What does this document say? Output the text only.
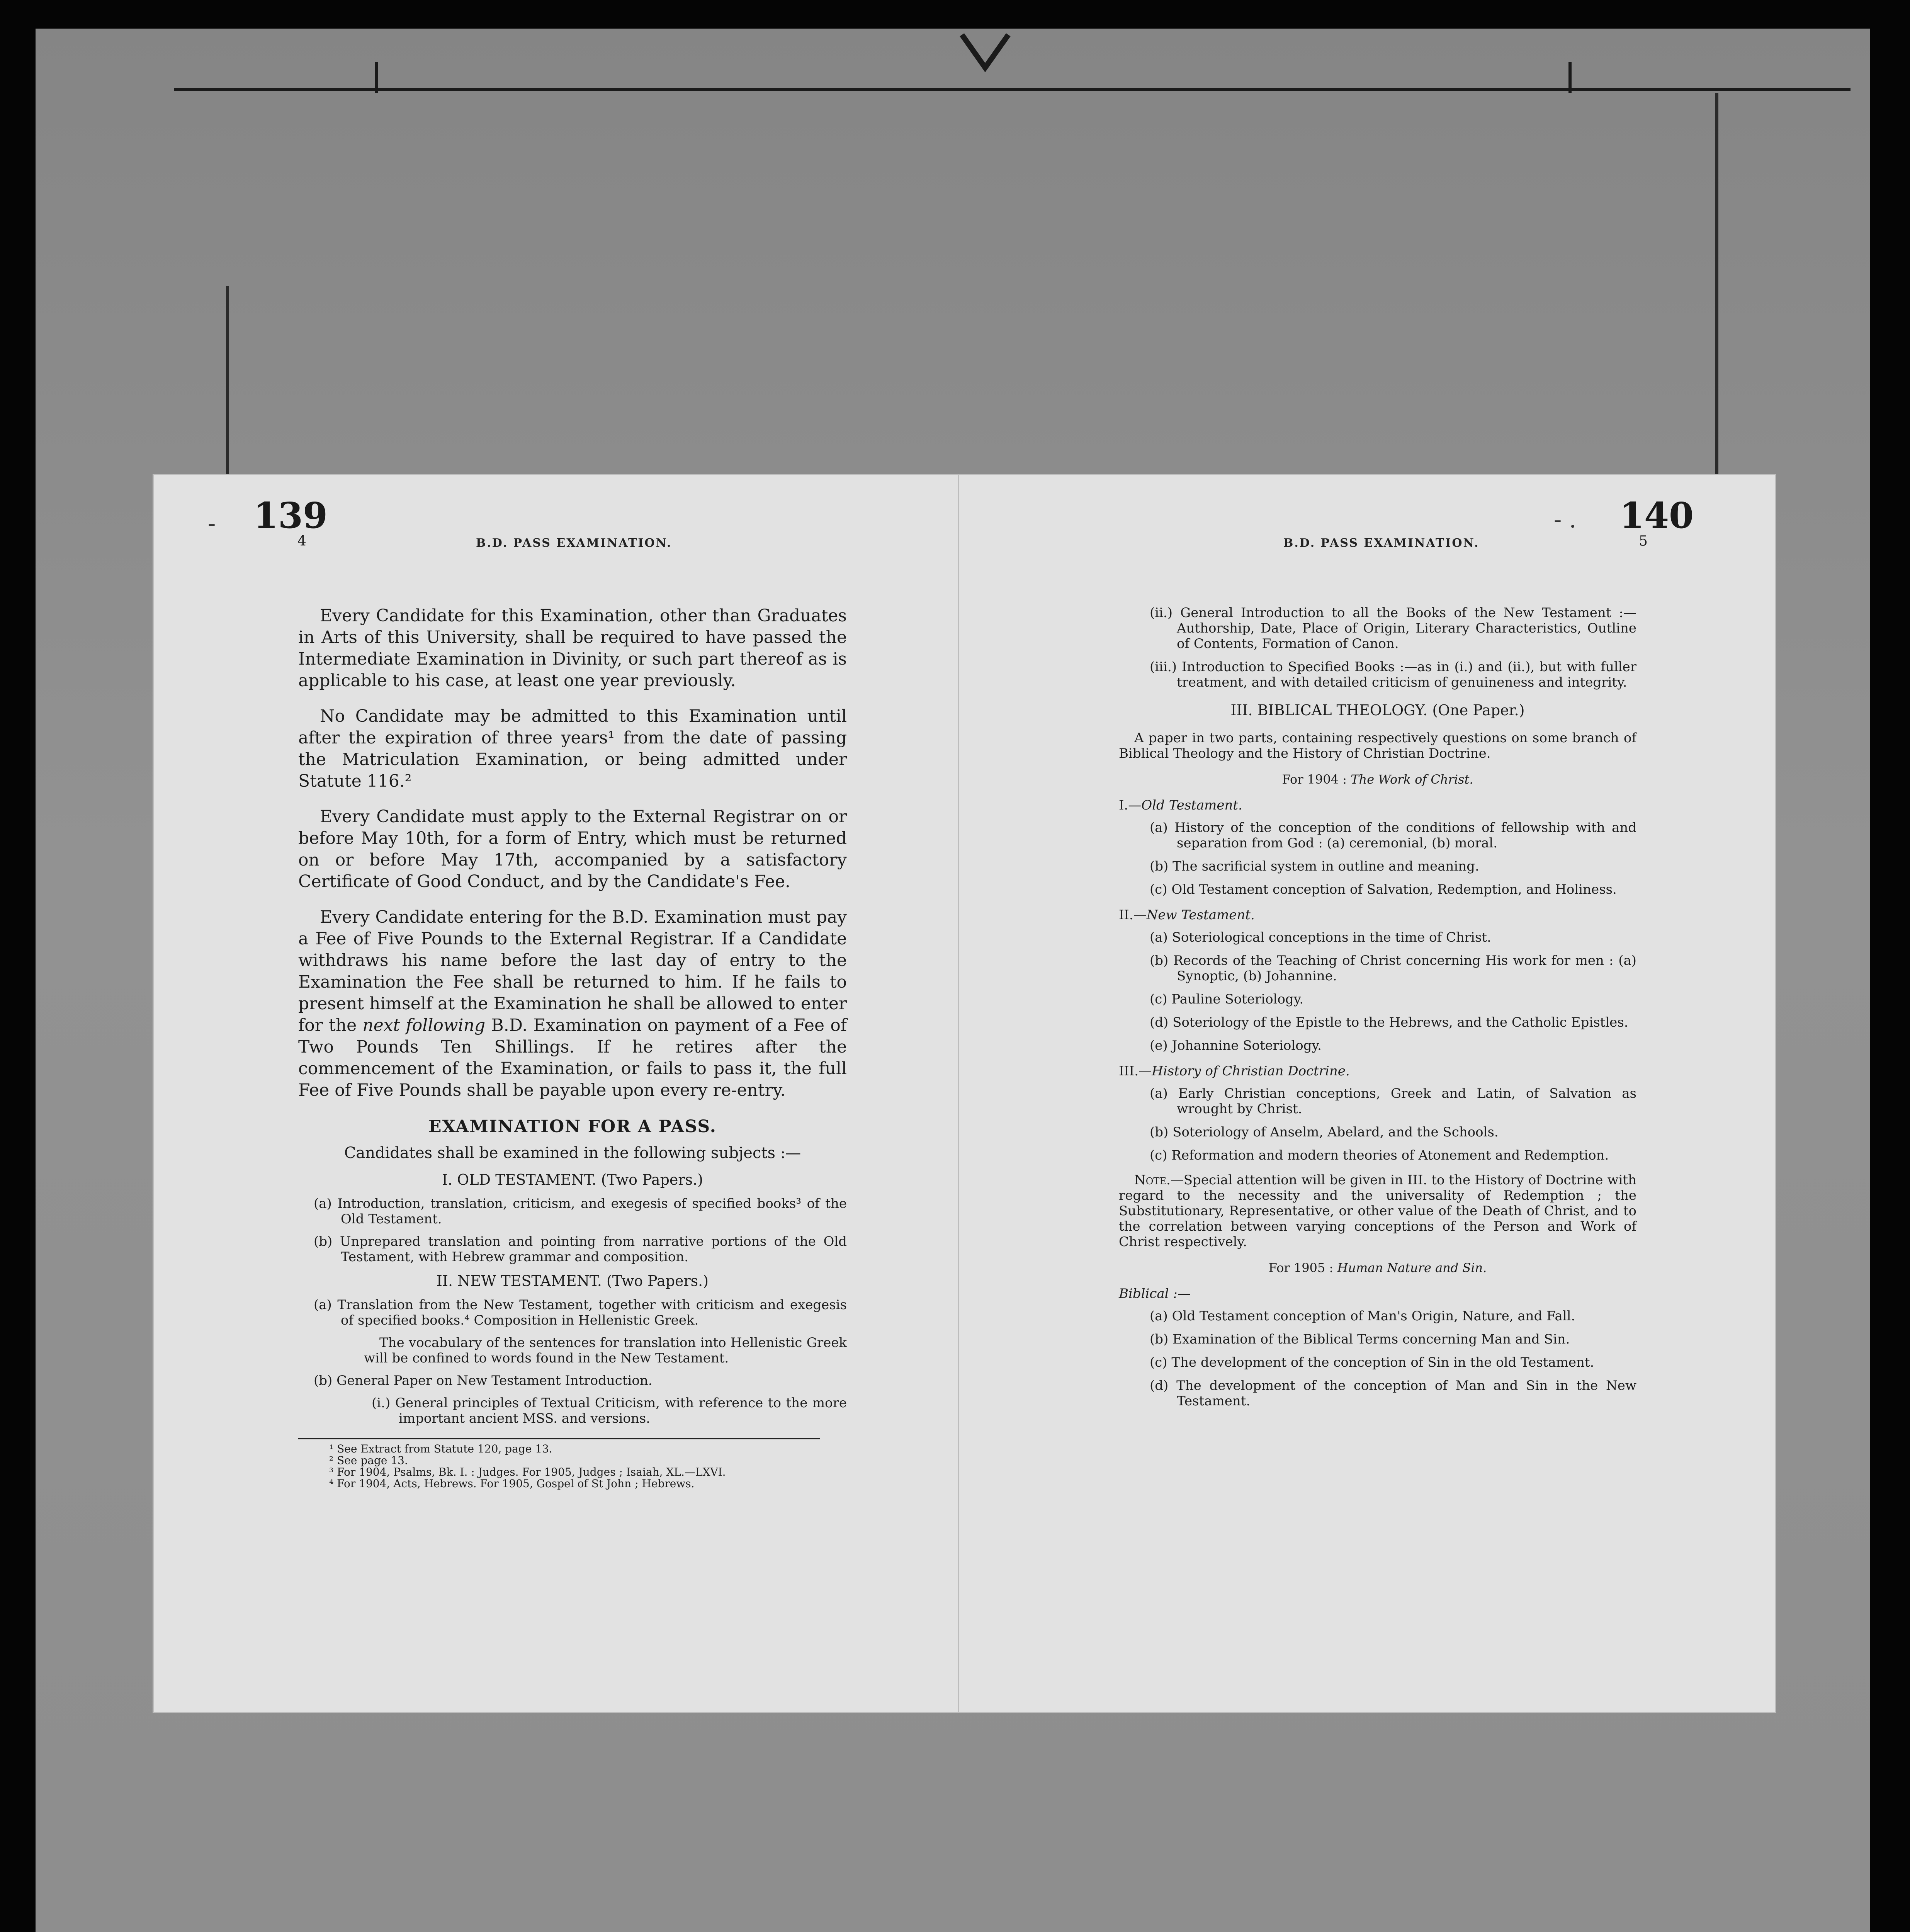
- 139
4	B.D. PASS EXAMINATION.

Every Candidate for this Examination, other than Graduates in Arts of this University, shall be required to have passed the Intermediate Examination in Divinity, or such part thereof as is applicable to his case, at least one year previously.

No Candidate may be admitted to this Examination until after the expiration of three years¹ from the date of passing the Matriculation Examination, or being admitted under Statute 116.²

Every Candidate must apply to the External Registrar on or before May 10th, for a form of Entry, which must be returned on or before May 17th, accompanied by a satisfactory Certificate of Good Conduct, and by the Candidate's Fee.

Every Candidate entering for the B.D. Examination must pay a Fee of Five Pounds to the External Registrar. If a Candidate withdraws his name before the last day of entry to the Examination the Fee shall be returned to him. If he fails to present himself at the Examination he shall be allowed to enter for the next following B.D. Examination on payment of a Fee of Two Pounds Ten Shillings. If he retires after the commencement of the Examination, or fails to pass it, the full Fee of Five Pounds shall be payable upon every re-entry.

EXAMINATION FOR A PASS.
Candidates shall be examined in the following subjects :—
I. OLD TESTAMENT. (Two Papers.)

(a) Introduction, translation, criticism, and exegesis of specified books³ of the Old Testament.

(b) Unprepared translation and pointing from narrative portions of the Old Testament, with Hebrew grammar and composition.

II. NEW TESTAMENT. (Two Papers.)

(a) Translation from the New Testament, together with criticism and exegesis of specified books.⁴ Composition in Hellenistic Greek.

The vocabulary of the sentences for translation into Hellenistic Greek will be confined to words found in the New Testament.

(b) General Paper on New Testament Introduction.

(i.) General principles of Textual Criticism, with reference to the more important ancient MSS. and versions.

¹ See Extract from Statute 120, page 13.

² See page 13.

³ For 1904, Psalms, Bk. I. : Judges. For 1905, Judges ; Isaiah, XL.—LXVI.

⁴ For 1904, Acts, Hebrews. For 1905, Gospel of St John ; Hebrews.

B.D. PASS EXAMINATION.
- . 140
5

(ii.) General Introduction to all the Books of the New Testament :—Authorship, Date, Place of Origin, Literary Characteristics, Outline of Contents, Formation of Canon.

(iii.) Introduction to Specified Books :—as in (i.) and (ii.), but with fuller treatment, and with detailed criticism of genuineness and integrity.

III. BIBLICAL THEOLOGY. (One Paper.)

A paper in two parts, containing respectively questions on some branch of Biblical Theology and the History of Christian Doctrine.

For 1904 : The Work of Christ.
I.—Old Testament.

(a) History of the conception of the conditions of fellowship with and separation from God : (a) ceremonial, (b) moral.

(b) The sacrificial system in outline and meaning.

(c) Old Testament conception of Salvation, Redemption, and Holiness.

II.—New Testament.

(a) Soteriological conceptions in the time of Christ.

(b) Records of the Teaching of Christ concerning His work for men : (a) Synoptic, (b) Johannine.

(c) Pauline Soteriology.

(d) Soteriology of the Epistle to the Hebrews, and the Catholic Epistles.

(e) Johannine Soteriology.

III.—History of Christian Doctrine.

(a) Early Christian conceptions, Greek and Latin, of Salvation as wrought by Christ.

(b) Soteriology of Anselm, Abelard, and the Schools.

(c) Reformation and modern theories of Atonement and Redemption.

Note.—Special attention will be given in III. to the History of Doctrine with regard to the necessity and the universality of Redemption ; the Substitutionary, Representative, or other value of the Death of Christ, and to the correlation between varying conceptions of the Person and Work of Christ respectively.

For 1905 : Human Nature and Sin.
Biblical :—

(a) Old Testament conception of Man's Origin, Nature, and Fall.

(b) Examination of the Biblical Terms concerning Man and Sin.

(c) The development of the conception of Sin in the old Testament.

(d) The development of the conception of Man and Sin in the New Testament.
